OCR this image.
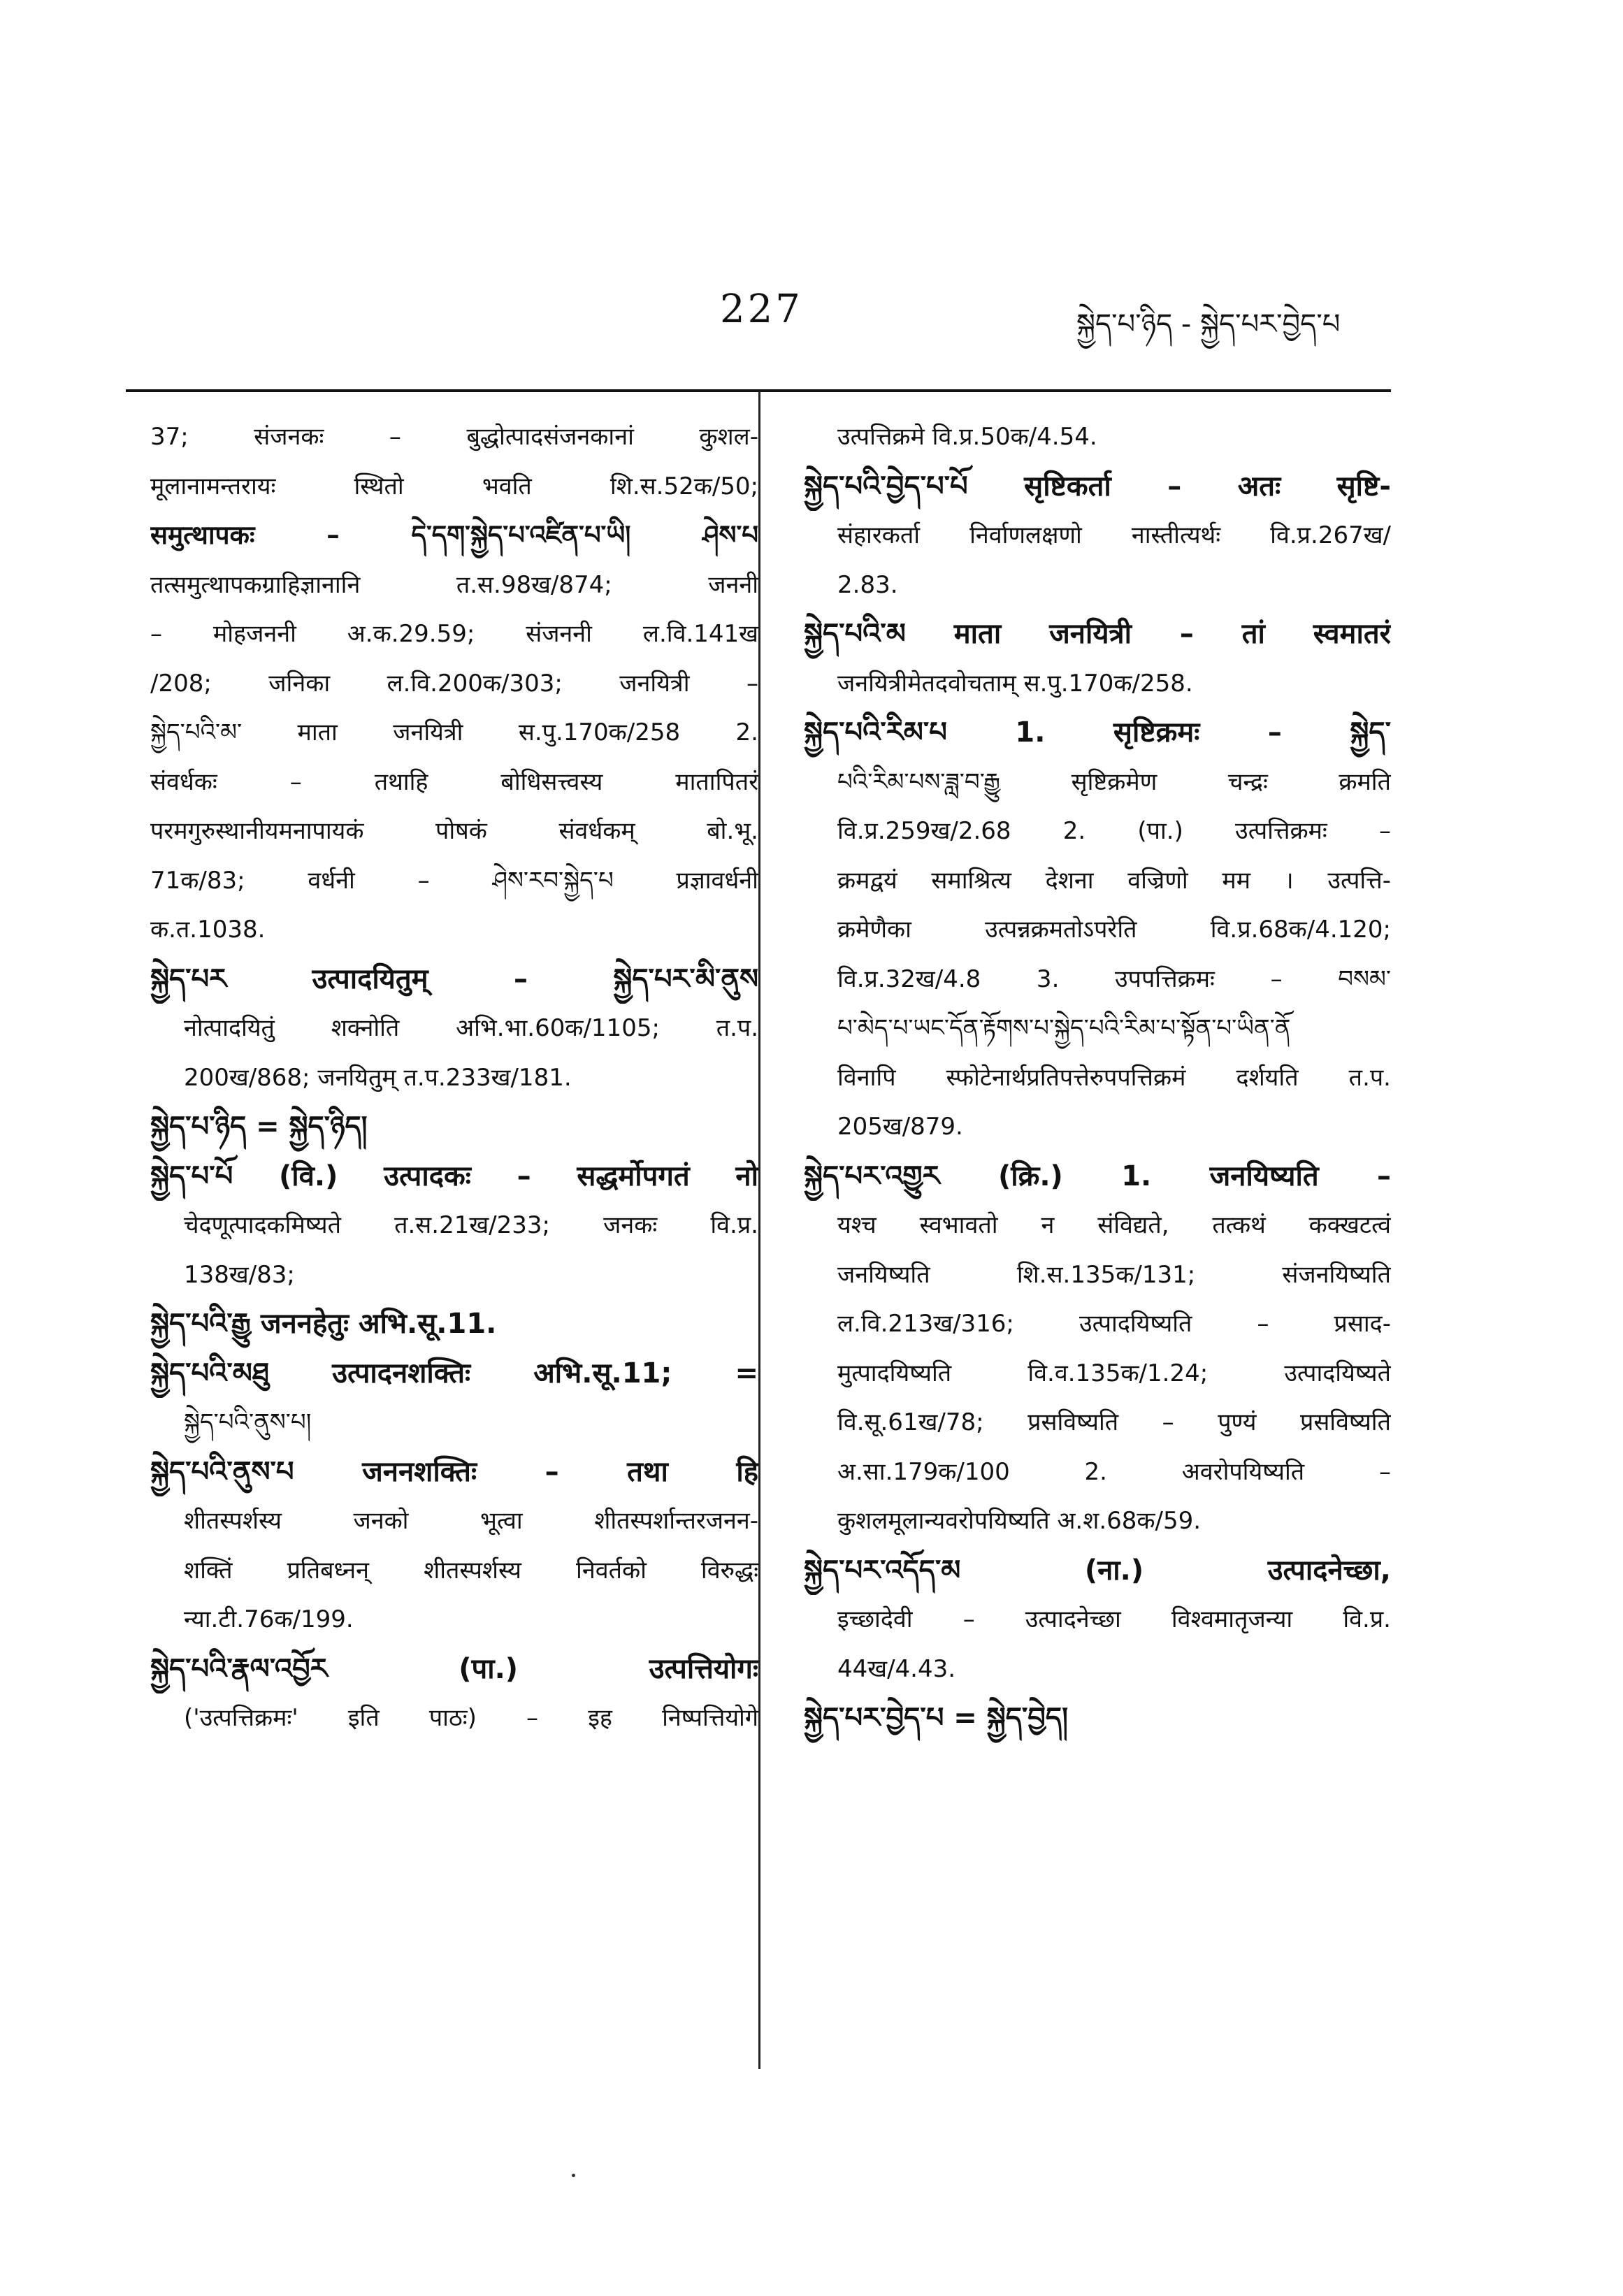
227	སྐྱེད་པ་ཉིད - སྐྱེད་པར་བྱེད་པ
37; संजनकः – बुद्धोत्पादसंजनकानां कुशल-
मूलानामन्तरायः स्थितो भवति शि.स.52क/50;
समुत्थापकः – དེ་དག་སྐྱེད་པ་འཛིན་པ་ཡི། ཤེས་པ
तत्समुत्थापकग्राहिज्ञानानि त.स.98ख/874; जननी
– मोहजननी अ.क.29.59; संजननी ल.वि.141ख
/208; जनिका ल.वि.200क/303; जनयित्री –
སྐྱེད་པའི་མ་ माता जनयित्री स.पु.170क/258 2.
संवर्धकः – तथाहि बोधिसत्त्वस्य मातापितरं
परमगुरुस्थानीयमनापायकं पोषकं संवर्धकम् बो.भू.
71क/83; वर्धनी – ཤེས་རབ་སྐྱེད་པ प्रज्ञावर्धनी
क.त.1038.
སྐྱེད་པར उत्पादयितुम् – སྐྱེད་པར་མི་ནུས
नोत्पादयितुं शक्नोति अभि.भा.60क/1105; त.प.
200ख/868; जनयितुम् त.प.233ख/181.
སྐྱེད་པ་ཉིད = སྐྱེད་ཉིད།
སྐྱེད་པ་པོ (वि.) उत्पादकः – सद्धर्मोपगतं नो
चेदणूत्पादकमिष्यते त.स.21ख/233; जनकः वि.प्र.
138ख/83;
སྐྱེད་པའི་རྒྱུ जननहेतुः अभि.सू.11.
སྐྱེད་པའི་མཐུ उत्पादनशक्तिः अभि.सू.11; =
སྐྱེད་པའི་ནུས་པ།
སྐྱེད་པའི་ནུས་པ जननशक्तिः – तथा हि
शीतस्पर्शस्य जनको भूत्वा शीतस्पर्शान्तरजनन-
शक्तिं प्रतिबध्नन् शीतस्पर्शस्य निवर्तको विरुद्धः
न्या.टी.76क/199.
སྐྱེད་པའི་རྣལ་འབྱོར (पा.) उत्पत्तियोगः
('उत्पत्तिक्रमः' इति पाठः) – इह निष्पत्तियोगे
उत्पत्तिक्रमे वि.प्र.50क/4.54.
སྐྱེད་པའི་བྱེད་པ་པོ सृष्टिकर्ता – अतः सृष्टि-
संहारकर्ता निर्वाणलक्षणो नास्तीत्यर्थः वि.प्र.267ख/
2.83.
སྐྱེད་པའི་མ माता जनयित्री – तां स्वमातरं
जनयित्रीमेतदवोचताम् स.पु.170क/258.
སྐྱེད་པའི་རིམ་པ 1. सृष्टिक्रमः – སྐྱེད་
པའི་རིམ་པས་ཟླ་བ་རྒྱུ सृष्टिक्रमेण चन्द्रः क्रमति
वि.प्र.259ख/2.68 2. (पा.) उत्पत्तिक्रमः –
क्रमद्वयं समाश्रित्य देशना वज्रिणो मम । उत्पत्ति-
क्रमेणैका उत्पन्नक्रमतोऽपरेति वि.प्र.68क/4.120;
वि.प्र.32ख/4.8 3. उपपत्तिक्रमः – བསམ་
པ་མེད་པ་ཡང་དོན་རྟོགས་པ་སྐྱེད་པའི་རིམ་པ་སྟོན་པ་ཡིན་ནོ
विनापि स्फोटेनार्थप्रतिपत्तेरुपपत्तिक्रमं दर्शयति त.प.
205ख/879.
སྐྱེད་པར་འགྱུར (क्रि.) 1. जनयिष्यति –
यश्च स्वभावतो न संविद्यते, तत्कथं कक्खटत्वं
जनयिष्यति शि.स.135क/131; संजनयिष्यति
ल.वि.213ख/316; उत्पादयिष्यति – प्रसाद-
मुत्पादयिष्यति वि.व.135क/1.24; उत्पादयिष्यते
वि.सू.61ख/78; प्रसविष्यति – पुण्यं प्रसविष्यति
अ.सा.179क/100 2. अवरोपयिष्यति –
कुशलमूलान्यवरोपयिष्यति अ.श.68क/59.
སྐྱེད་པར་འདོད་མ (ना.) उत्पादनेच्छा,
इच्छादेवी – उत्पादनेच्छा विश्वमातृजन्या वि.प्र.
44ख/4.43.
སྐྱེད་པར་བྱེད་པ = སྐྱེད་བྱེད།
